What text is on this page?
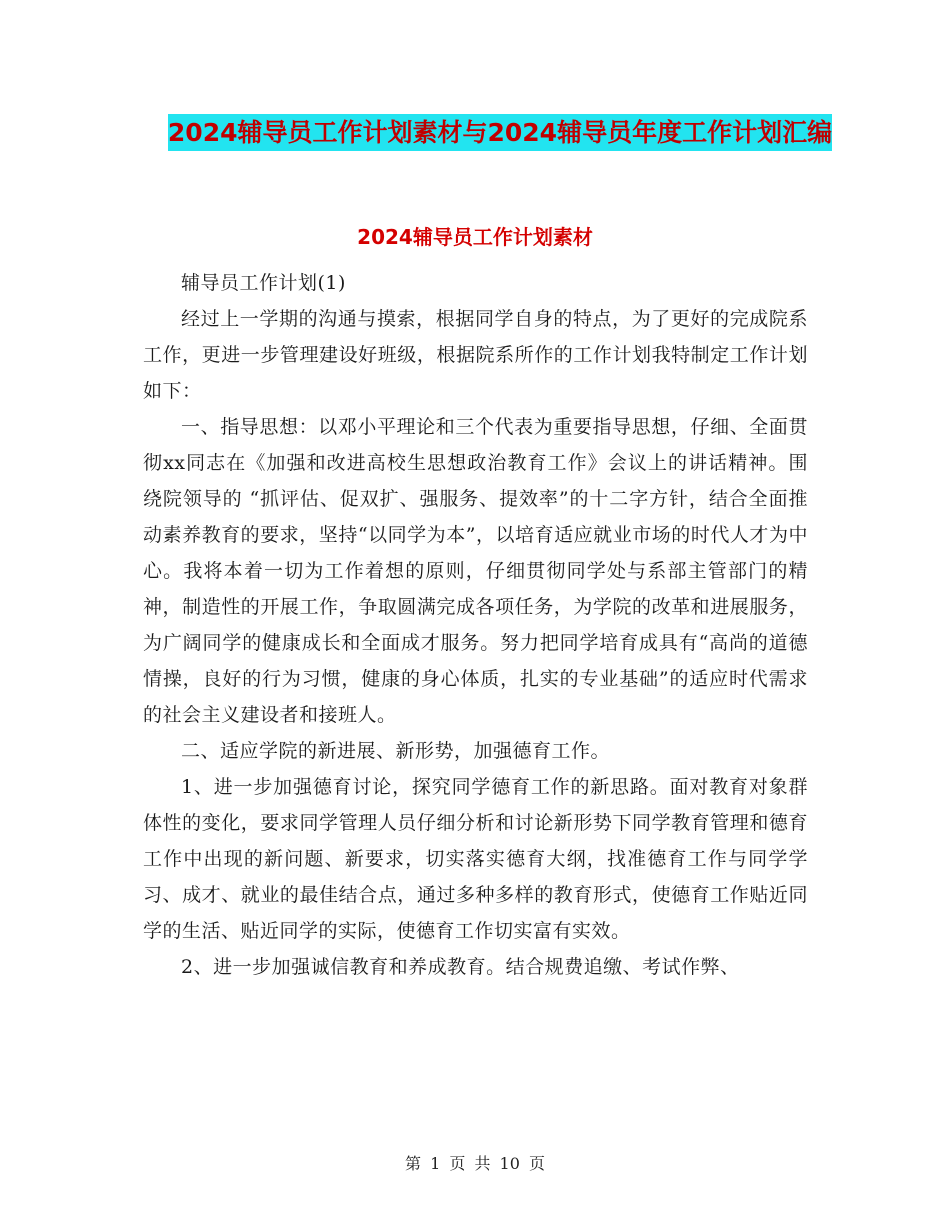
2024辅导员工作计划素材与2024辅导员年度工作计划汇编
2024辅导员工作计划素材

辅导员工作计划(1)

经过上一学期的沟通与摸索，根据同学自身的特点，为了更好的完成院系工作，更进一步管理建设好班级，根据院系所作的工作计划我特制定工作计划如下：

一、指导思想：以邓小平理论和三个代表为重要指导思想，仔细、全面贯彻xx同志在《加强和改进高校生思想政治教育工作》会议上的讲话精神。围绕院领导的 “抓评估、促双扩、强服务、提效率”的十二字方针，结合全面推动素养教育的要求，坚持“以同学为本”，以培育适应就业市场的时代人才为中心。我将本着一切为工作着想的原则，仔细贯彻同学处与系部主管部门的精神，制造性的开展工作，争取圆满完成各项任务，为学院的改革和进展服务，为广阔同学的健康成长和全面成才服务。努力把同学培育成具有“高尚的道德情操，良好的行为习惯，健康的身心体质，扎实的专业基础”的适应时代需求的社会主义建设者和接班人。

二、适应学院的新进展、新形势，加强德育工作。

1、进一步加强德育讨论，探究同学德育工作的新思路。面对教育对象群体性的变化，要求同学管理人员仔细分析和讨论新形势下同学教育管理和德育工作中出现的新问题、新要求，切实落实德育大纲，找准德育工作与同学学习、成才、就业的最佳结合点，通过多种多样的教育形式，使德育工作贴近同学的生活、贴近同学的实际，使德育工作切实富有实效。

2、进一步加强诚信教育和养成教育。结合规费追缴、考试作弊、

第 1 页 共 10 页
